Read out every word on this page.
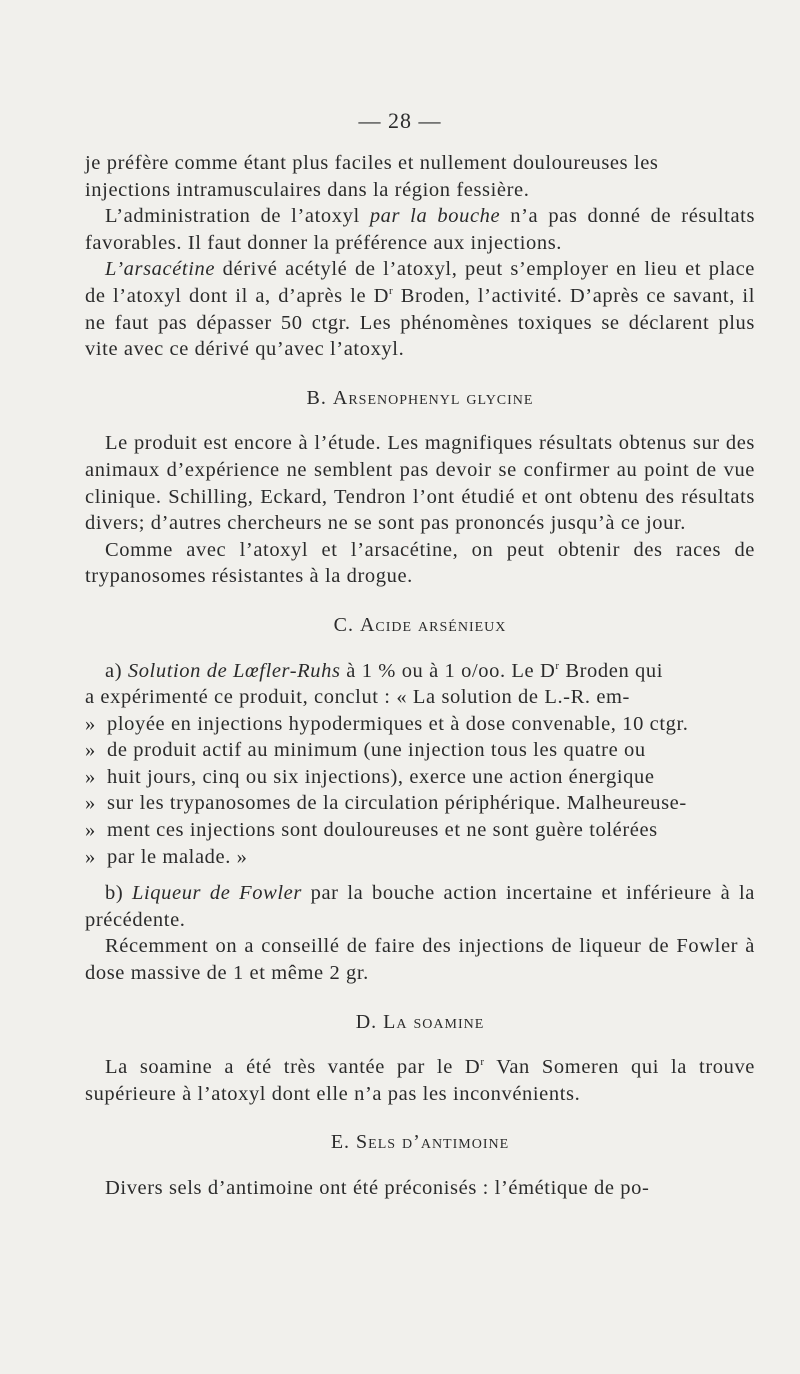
— 28 —

je préfère comme étant plus faciles et nullement douloureuses les
injections intramusculaires dans la région fessière.

L’administration de l’atoxyl par la bouche n’a pas donné de résultats favorables. Il faut donner la préférence aux injections.

L’arsacétine dérivé acétylé de l’atoxyl, peut s’employer en lieu et place de l’atoxyl dont il a, d’après le $D^r$ Broden, l’activité. D’après ce savant, il ne faut pas dépasser 50 ctgr. Les phénomènes toxiques se déclarent plus vite avec ce dérivé qu’avec l’atoxyl.

B. Arsenophenyl glycine

Le produit est encore à l’étude. Les magnifiques résultats obtenus sur des animaux d’expérience ne semblent pas devoir se confirmer au point de vue clinique. Schilling, Eckard, Tendron l’ont étudié et ont obtenu des résultats divers; d’autres chercheurs ne se sont pas prononcés jusqu’à ce jour.

Comme avec l’atoxyl et l’arsacétine, on peut obtenir des races de trypanosomes résistantes à la drogue.

C. Acide arsénieux

a) Solution de Lœfler-Ruhs à 1 % ou à 1 o/oo. Le $D^r$ Broden qui

a expérimenté ce produit, conclut : « La solution de L.-R. em-

» ployée en injections hypodermiques et à dose convenable, 10 ctgr.

» de produit actif au minimum (une injection tous les quatre ou

» huit jours, cinq ou six injections), exerce une action énergique

» sur les trypanosomes de la circulation périphérique. Malheureuse-

» ment ces injections sont douloureuses et ne sont guère tolérées

» par le malade. »

b) Liqueur de Fowler par la bouche action incertaine et inférieure à la précédente.

Récemment on a conseillé de faire des injections de liqueur de Fowler à dose massive de 1 et même 2 gr.

D. La soamine

La soamine a été très vantée par le $D^r$ Van Someren qui la trouve supérieure à l’atoxyl dont elle n’a pas les inconvénients.

E. Sels d’antimoine

Divers sels d’antimoine ont été préconisés : l’émétique de po-
